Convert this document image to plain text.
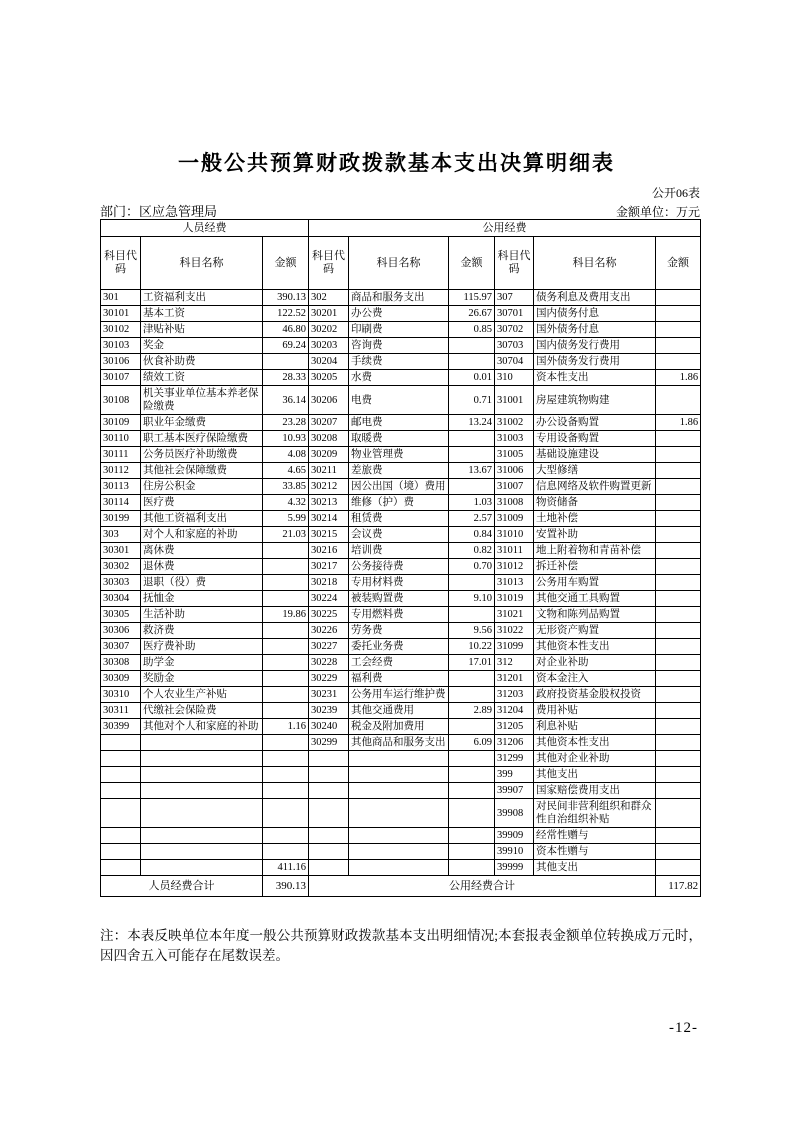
一般公共预算财政拨款基本支出决算明细表
公开06表
部门：区应急管理局	金额单位：万元
人员经费			公用经费					
科目代码	科目名称	金额	科目代码	科目名称	金额	科目代码	科目名称	金额
301	工资福利支出	390.13	302	商品和服务支出	115.97	307	债务利息及费用支出	
30101	基本工资	122.52	30201	办公费	26.67	30701	国内债务付息	
30102	津贴补贴	46.80	30202	印刷费	0.85	30702	国外债务付息	
30103	奖金	69.24	30203	咨询费		30703	国内债务发行费用	
30106	伙食补助费		30204	手续费		30704	国外债务发行费用	
30107	绩效工资	28.33	30205	水费	0.01	310	资本性支出	1.86
30108	机关事业单位基本养老保险缴费	36.14	30206	电费	0.71	31001	房屋建筑物购建	
30109	职业年金缴费	23.28	30207	邮电费	13.24	31002	办公设备购置	1.86
30110	职工基本医疗保险缴费	10.93	30208	取暖费		31003	专用设备购置	
30111	公务员医疗补助缴费	4.08	30209	物业管理费		31005	基础设施建设	
30112	其他社会保障缴费	4.65	30211	差旅费	13.67	31006	大型修缮	
30113	住房公积金	33.85	30212	因公出国（境）费用		31007	信息网络及软件购置更新	
30114	医疗费	4.32	30213	维修（护）费	1.03	31008	物资储备	
30199	其他工资福利支出	5.99	30214	租赁费	2.57	31009	土地补偿	
303	对个人和家庭的补助	21.03	30215	会议费	0.84	31010	安置补助	
30301	离休费		30216	培训费	0.82	31011	地上附着物和青苗补偿	
30302	退休费		30217	公务接待费	0.70	31012	拆迁补偿	
30303	退职（役）费		30218	专用材料费		31013	公务用车购置	
30304	抚恤金		30224	被装购置费	9.10	31019	其他交通工具购置	
30305	生活补助	19.86	30225	专用燃料费		31021	文物和陈列品购置	
30306	救济费		30226	劳务费	9.56	31022	无形资产购置	
30307	医疗费补助		30227	委托业务费	10.22	31099	其他资本性支出	
30308	助学金		30228	工会经费	17.01	312	对企业补助	
30309	奖励金		30229	福利费		31201	资本金注入	
30310	个人农业生产补贴		30231	公务用车运行维护费		31203	政府投资基金股权投资	
30311	代缴社会保险费		30239	其他交通费用	2.89	31204	费用补贴	
30399	其他对个人和家庭的补助	1.16	30240	税金及附加费用		31205	利息补贴	
			30299	其他商品和服务支出	6.09	31206	其他资本性支出	
						31299	其他对企业补助	
						399	其他支出	
						39907	国家赔偿费用支出	
						39908	对民间非营利组织和群众性自治组织补贴	
						39909	经常性赠与	
						39910	资本性赠与	
		411.16				39999	其他支出	
人员经费合计		390.13	公用经费合计					117.82
注：本表反映单位本年度一般公共预算财政拨款基本支出明细情况;本套报表金额单位转换成万元时，因四舍五入可能存在尾数误差。
-12-
